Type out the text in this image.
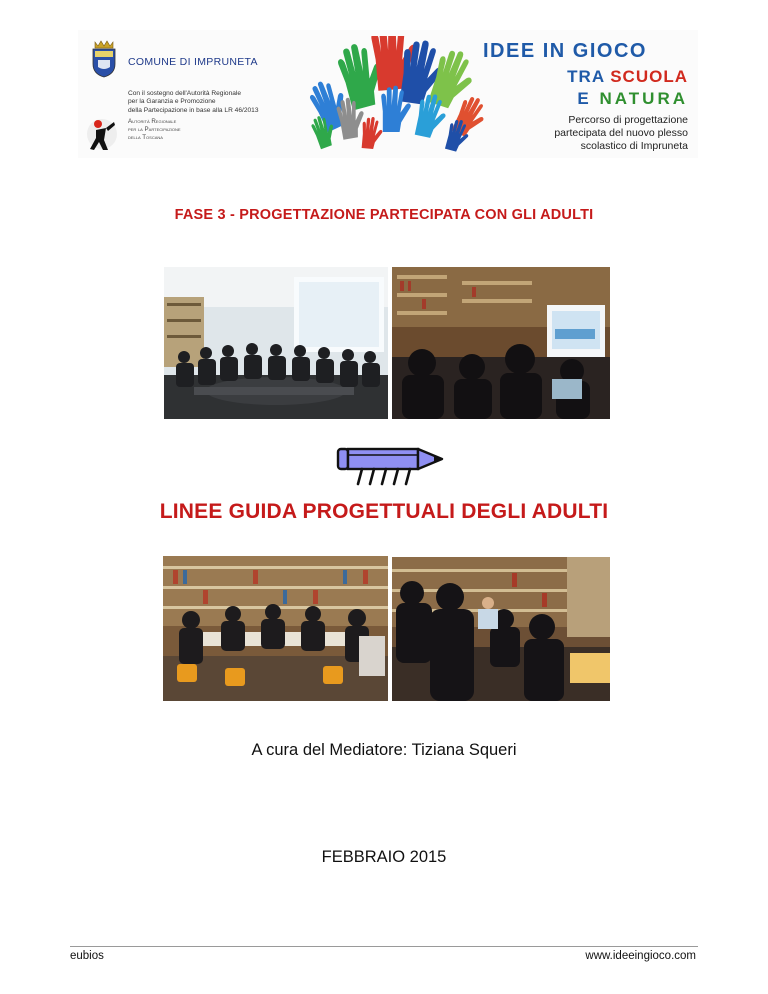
COMUNE DI IMPRUNETA
Con il sostegno dell'Autorità Regionale
per la Garanzia e Promozione
della Partecipazione in base alla LR 46/2013
Autorità Regionale
per la Partecipazione
della Toscana
IDEE IN GIOCO
TRA SCUOLA
E NATURA
Percorso di progettazione
partecipata del nuovo plesso
scolastico di Impruneta
FASE 3 - PROGETTAZIONE PARTECIPATA CON GLI ADULTI
LINEE GUIDA PROGETTUALI DEGLI ADULTI
A cura del Mediatore: Tiziana Squeri
FEBBRAIO 2015
eubios	www.ideeingioco.com
